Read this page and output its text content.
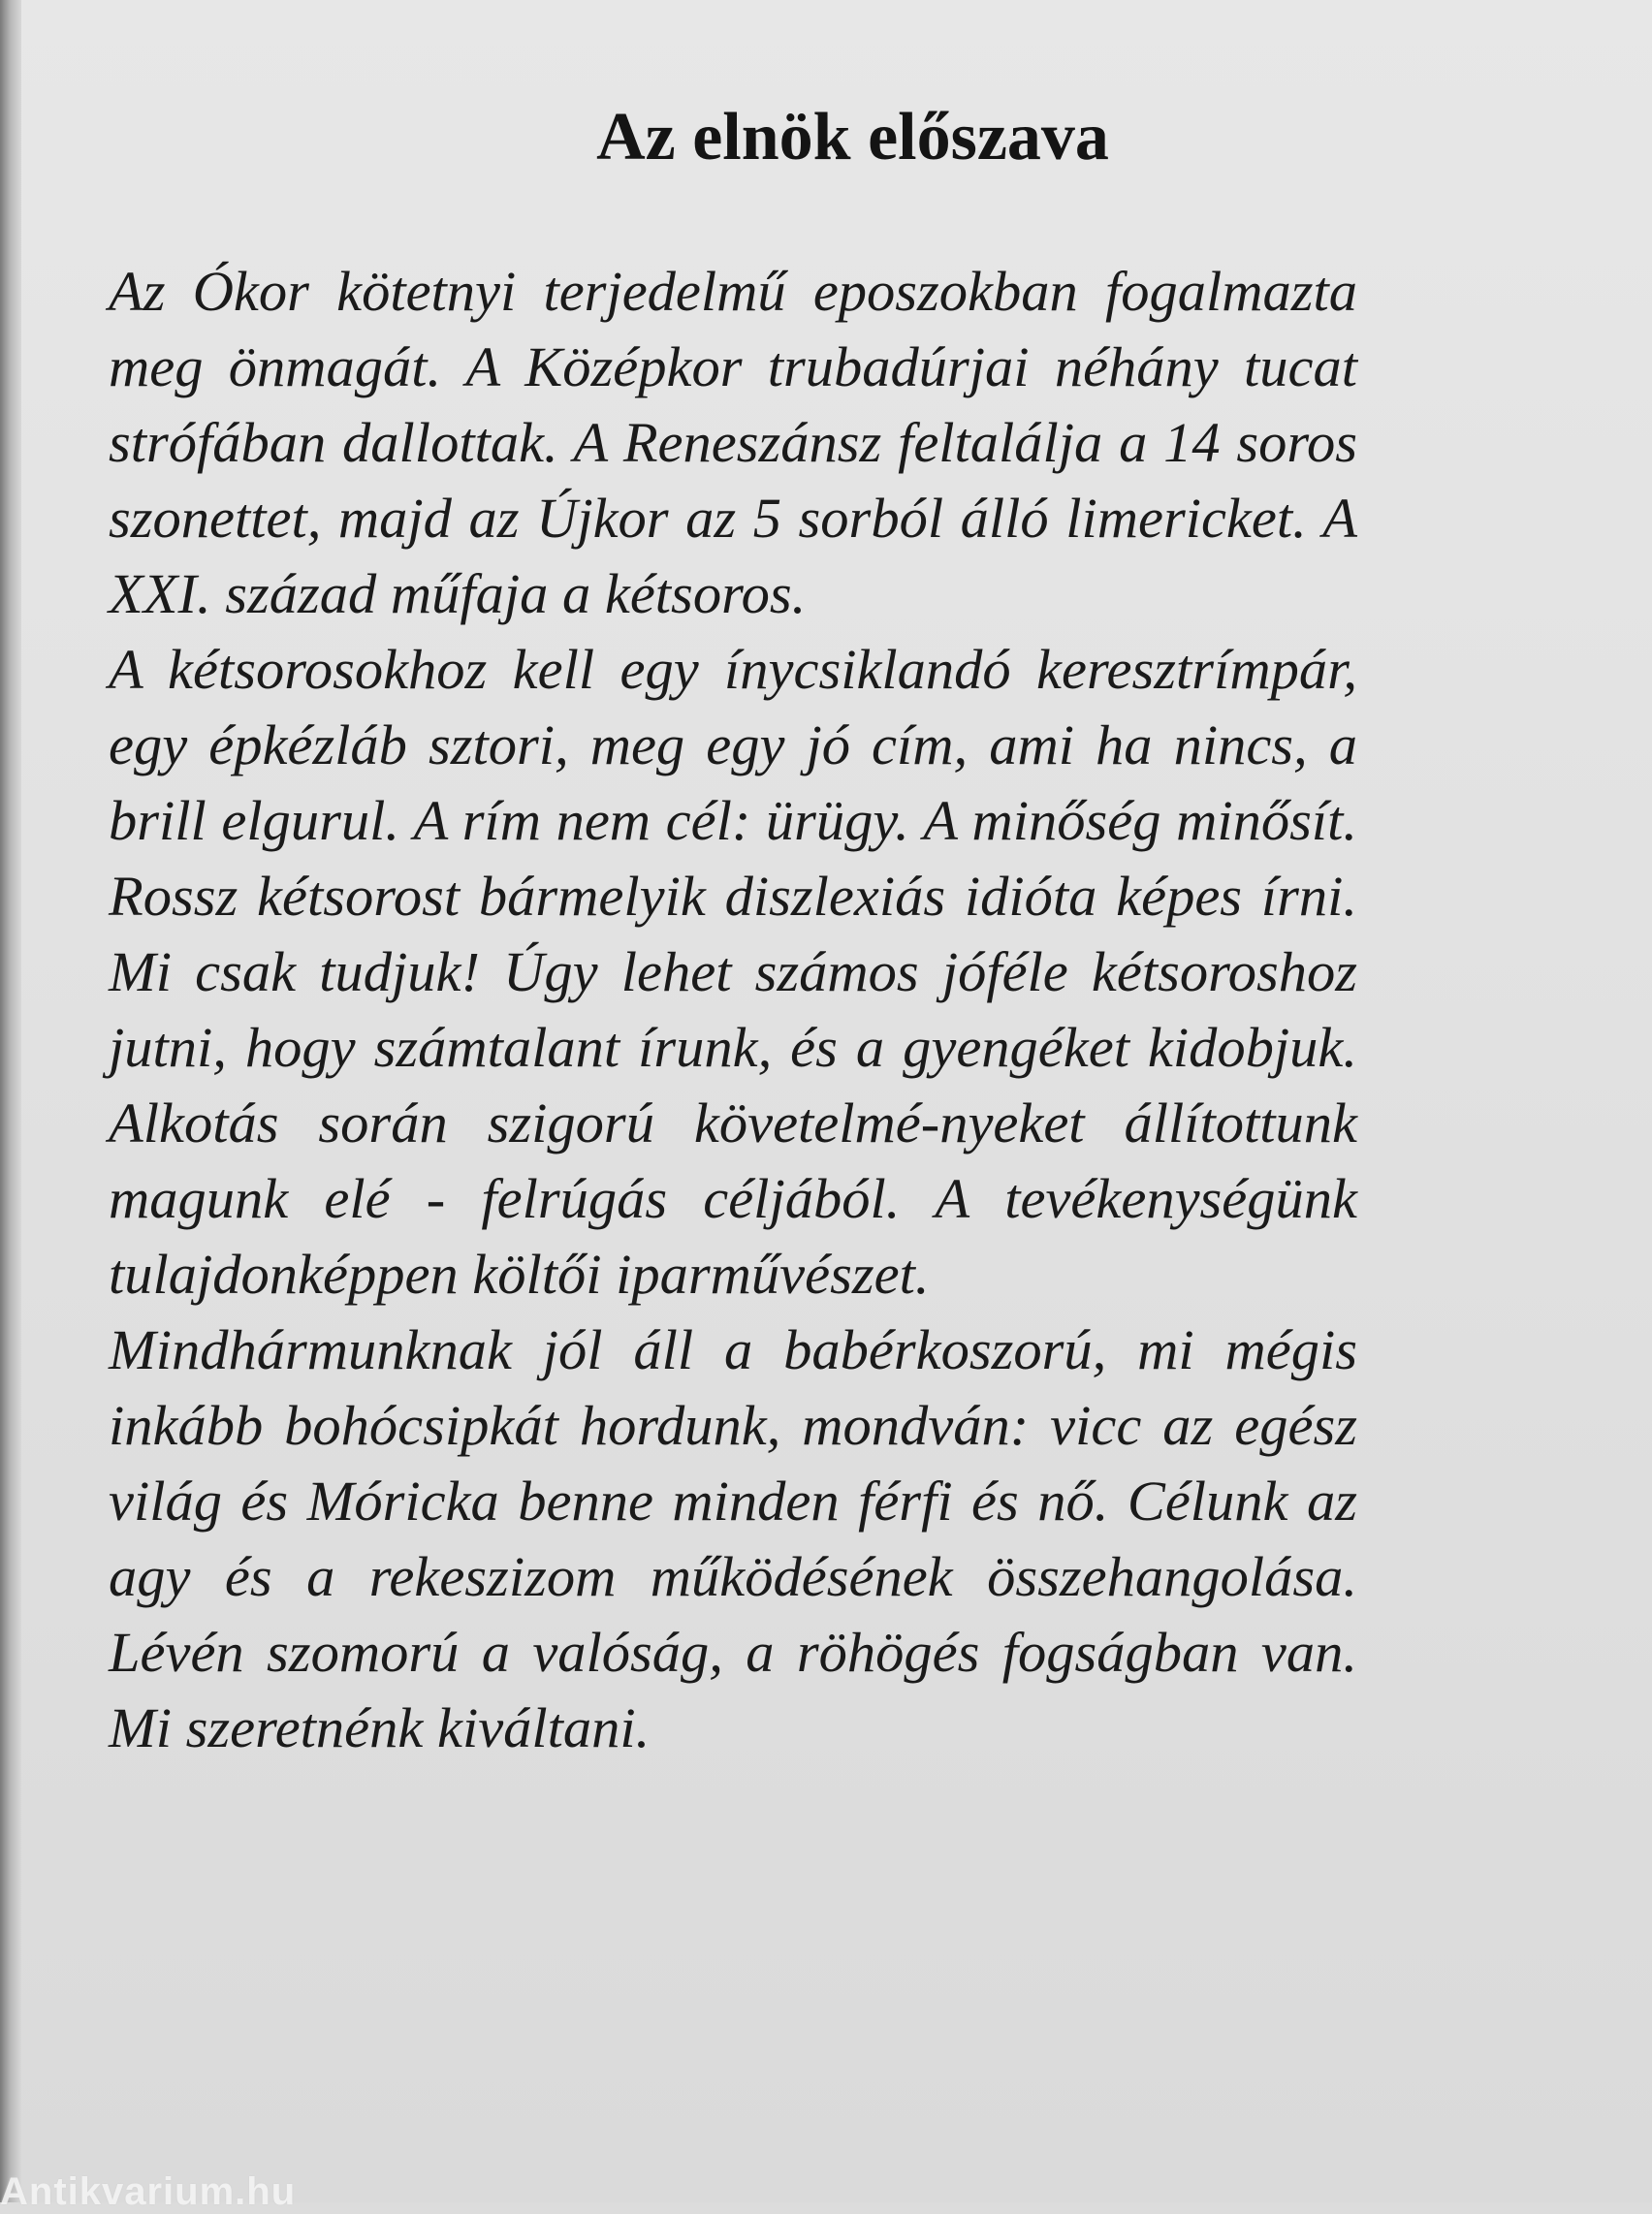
Az elnök előszava

Az Ókor kötetnyi terjedelmű eposzokban fogalmazta meg önmagát. A Középkor trubadúrjai néhány tucat strófában dallottak. A Reneszánsz feltalálja a 14 soros szonettet, majd az Újkor az 5 sorból álló limericket. A XXI. század műfaja a kétsoros.

A kétsorosokhoz kell egy ínycsiklandó keresztrímpár, egy épkézláb sztori, meg egy jó cím, ami ha nincs, a brill elgurul. A rím nem cél: ürügy. A minőség minősít. Rossz kétsorost bármelyik diszlexiás idióta képes írni. Mi csak tudjuk! Úgy lehet számos jóféle kétsoroshoz jutni, hogy számtalant írunk, és a gyengéket kidobjuk. Alkotás során szigorú követelmé-nyeket állítottunk magunk elé - felrúgás céljából. A tevékenységünk tulajdonképpen költői iparművészet.

Mindhármunknak jól áll a babérkoszorú, mi mégis inkább bohócsipkát hordunk, mondván: vicc az egész világ és Móricka benne minden férfi és nő. Célunk az agy és a rekeszizom működésének összehangolása. Lévén szomorú a valóság, a röhögés fogságban van. Mi szeretnénk kiváltani.

Antikvarium.hu
